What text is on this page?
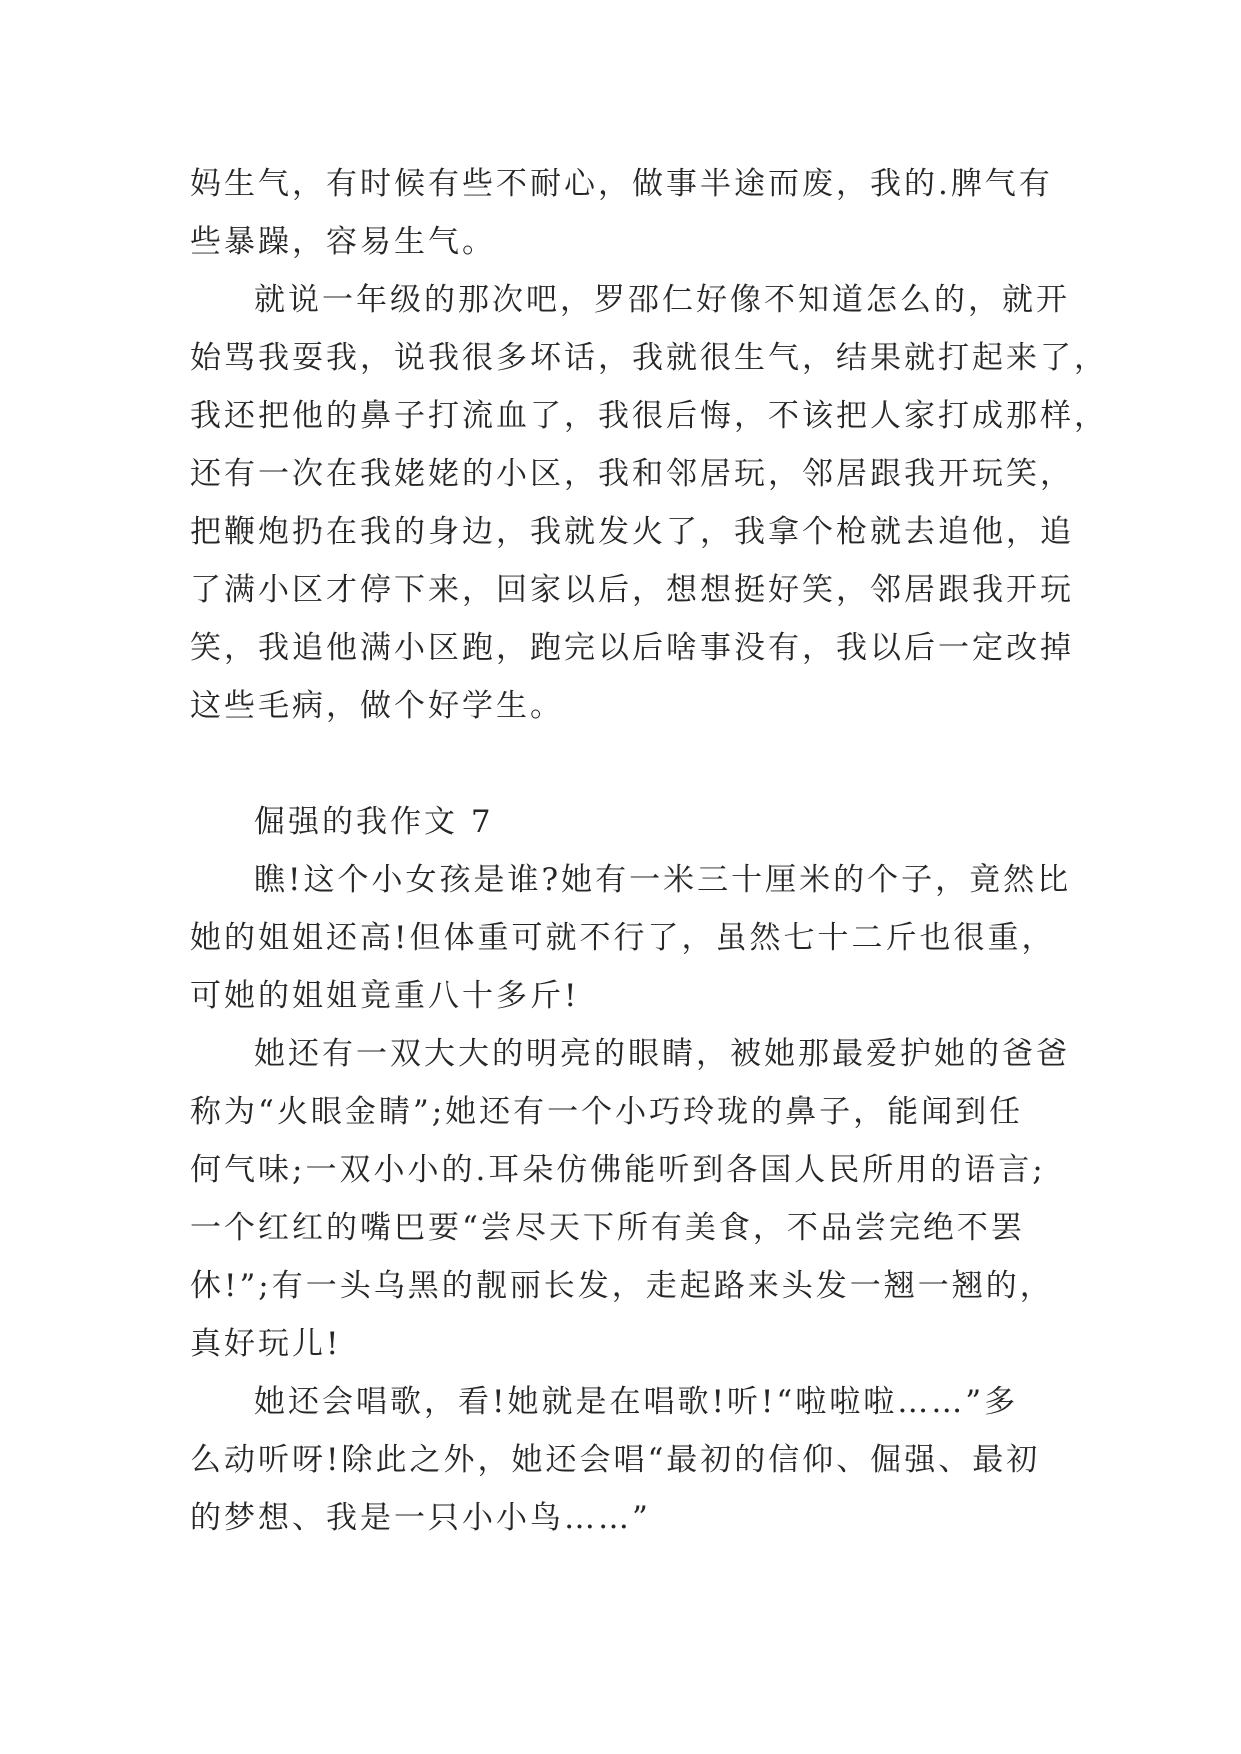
妈生气，有时候有些不耐心，做事半途而废，我的.脾气有
些暴躁，容易生气。
就说一年级的那次吧，罗邵仁好像不知道怎么的，就开
始骂我耍我，说我很多坏话，我就很生气，结果就打起来了，
我还把他的鼻子打流血了，我很后悔，不该把人家打成那样，
还有一次在我姥姥的小区，我和邻居玩，邻居跟我开玩笑，
把鞭炮扔在我的身边，我就发火了，我拿个枪就去追他，追
了满小区才停下来，回家以后，想想挺好笑，邻居跟我开玩
笑，我追他满小区跑，跑完以后啥事没有，我以后一定改掉
这些毛病，做个好学生。
倔强的我作文 7
瞧!这个小女孩是谁?她有一米三十厘米的个子，竟然比
她的姐姐还高!但体重可就不行了，虽然七十二斤也很重，
可她的姐姐竟重八十多斤!
她还有一双大大的明亮的眼睛，被她那最爱护她的爸爸
称为“火眼金睛”;她还有一个小巧玲珑的鼻子，能闻到任
何气味;一双小小的.耳朵仿佛能听到各国人民所用的语言;
一个红红的嘴巴要“尝尽天下所有美食，不品尝完绝不罢
休!”;有一头乌黑的靓丽长发，走起路来头发一翘一翘的，
真好玩儿!
她还会唱歌，看!她就是在唱歌!听!“啦啦啦……”多
么动听呀!除此之外，她还会唱“最初的信仰、倔强、最初
的梦想、我是一只小小鸟……”
